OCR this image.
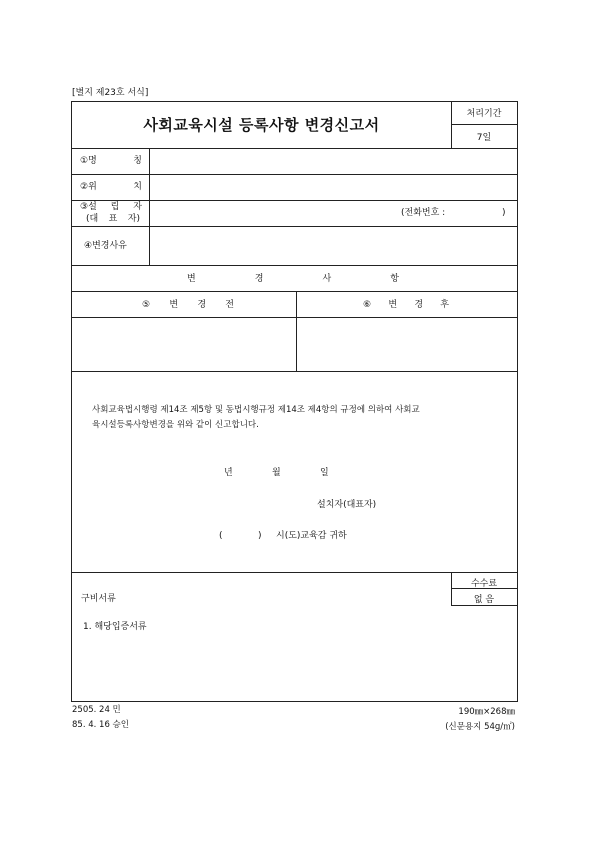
[별지 제23호 서식]
사회교육시설 등록사항 변경신고서
처리기간
7일
①명	칭
②위	치
③설 립 자
(대 표 자)
(전화번호 :	)
④변경사유
변	경	사	항
⑤ 변 경 전	⑥ 변 경 후
사회교육법시행령 제14조 제5항 및 동법시행규정 제14조 제4항의 규정에 의하여 사회교
육시설등록사항변경을 위와 같이 신고합니다.
년	월	일
설치자(대표자)
(	) 시(도)교육감 귀하
수수료
없 음
구비서류
1. 해당입증서류
2505. 24 민
85. 4. 16 승인
190㎜×268㎜
(신문용지 54g/㎡)
